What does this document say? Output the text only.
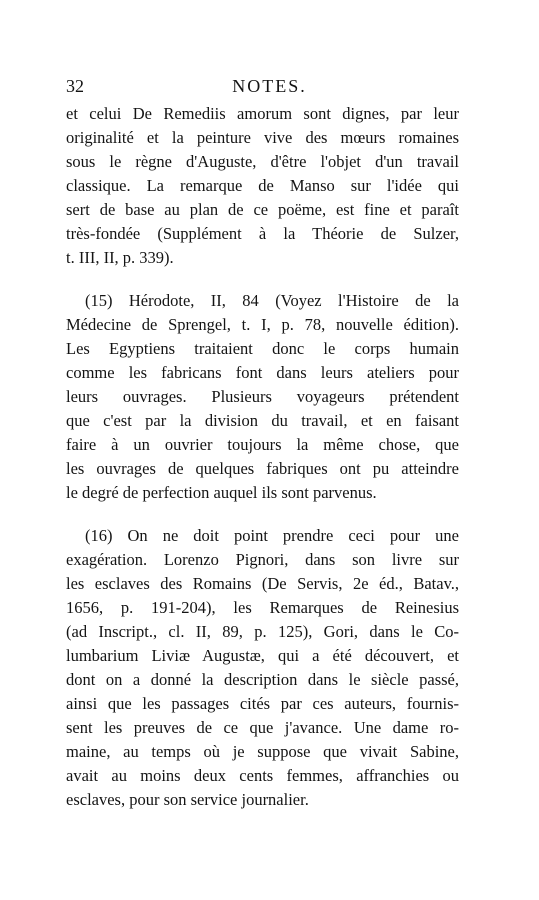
32	NOTES.
et celui De Remediis amorum sont dignes, par leur
originalité et la peinture vive des mœurs romaines
sous le règne d'Auguste, d'être l'objet d'un travail
classique. La remarque de Manso sur l'idée qui
sert de base au plan de ce poëme, est fine et paraît
très-fondée (Supplément à la Théorie de Sulzer,
t. III, II, p. 339).
(15) Hérodote, II, 84 (Voyez l'Histoire de la
Médecine de Sprengel, t. I, p. 78, nouvelle édition).
Les Egyptiens traitaient donc le corps humain
comme les fabricans font dans leurs ateliers pour
leurs ouvrages. Plusieurs voyageurs prétendent
que c'est par la division du travail, et en faisant
faire à un ouvrier toujours la même chose, que
les ouvrages de quelques fabriques ont pu atteindre
le degré de perfection auquel ils sont parvenus.
(16) On ne doit point prendre ceci pour une
exagération. Lorenzo Pignori, dans son livre sur
les esclaves des Romains (De Servis, 2e éd., Batav.,
1656, p. 191-204), les Remarques de Reinesius
(ad Inscript., cl. II, 89, p. 125), Gori, dans le Co-
lumbarium Liviæ Augustæ, qui a été découvert, et
dont on a donné la description dans le siècle passé,
ainsi que les passages cités par ces auteurs, fournis-
sent les preuves de ce que j'avance. Une dame ro-
maine, au temps où je suppose que vivait Sabine,
avait au moins deux cents femmes, affranchies ou
esclaves, pour son service journalier.
